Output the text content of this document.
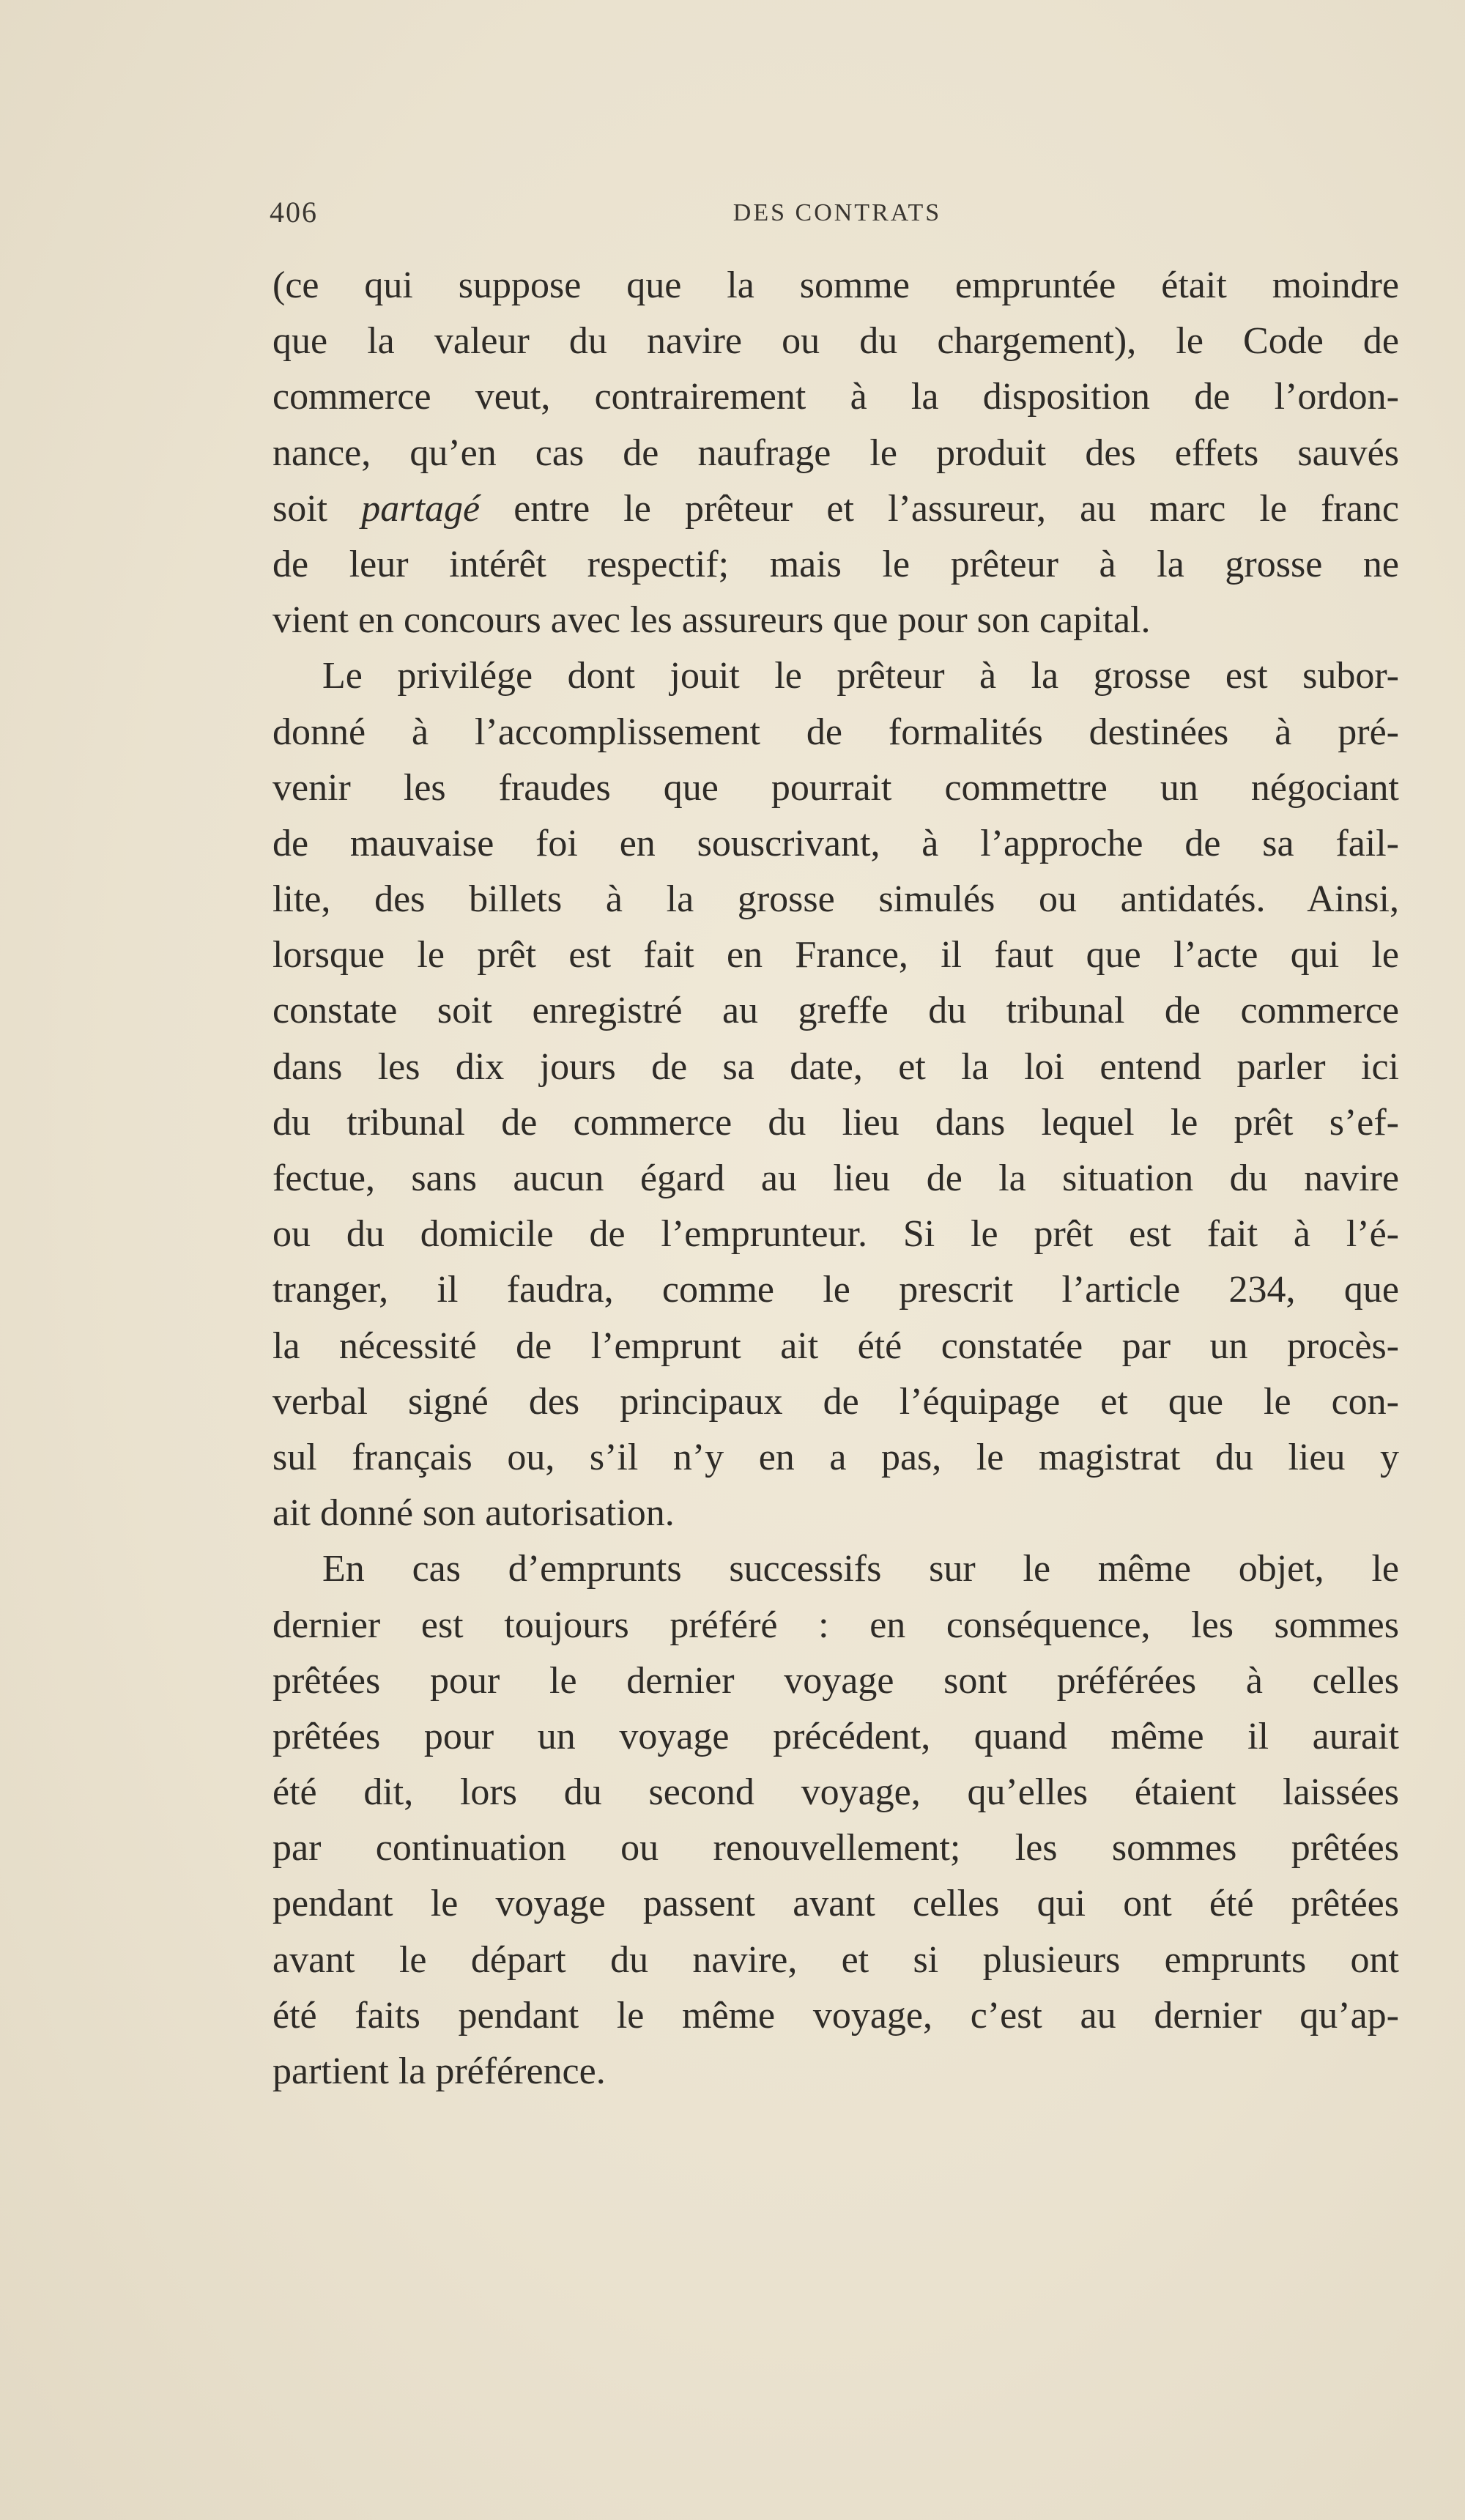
406	DES CONTRATS
(ce qui suppose que la somme empruntée était moindre
que la valeur du navire ou du chargement), le Code de
commerce veut, contrairement à la disposition de l’ordon-
nance, qu’en cas de naufrage le produit des effets sauvés
soit partagé entre le prêteur et l’assureur, au marc le franc
de leur intérêt respectif; mais le prêteur à la grosse ne
vient en concours avec les assureurs que pour son capital.
Le privilége dont jouit le prêteur à la grosse est subor-
donné à l’accomplissement de formalités destinées à pré-
venir les fraudes que pourrait commettre un négociant
de mauvaise foi en souscrivant, à l’approche de sa fail-
lite, des billets à la grosse simulés ou antidatés. Ainsi,
lorsque le prêt est fait en France, il faut que l’acte qui le
constate soit enregistré au greffe du tribunal de commerce
dans les dix jours de sa date, et la loi entend parler ici
du tribunal de commerce du lieu dans lequel le prêt s’ef-
fectue, sans aucun égard au lieu de la situation du navire
ou du domicile de l’emprunteur. Si le prêt est fait à l’é-
tranger, il faudra, comme le prescrit l’article 234, que
la nécessité de l’emprunt ait été constatée par un procès-
verbal signé des principaux de l’équipage et que le con-
sul français ou, s’il n’y en a pas, le magistrat du lieu y
ait donné son autorisation.
En cas d’emprunts successifs sur le même objet, le
dernier est toujours préféré : en conséquence, les sommes
prêtées pour le dernier voyage sont préférées à celles
prêtées pour un voyage précédent, quand même il aurait
été dit, lors du second voyage, qu’elles étaient laissées
par continuation ou renouvellement; les sommes prêtées
pendant le voyage passent avant celles qui ont été prêtées
avant le départ du navire, et si plusieurs emprunts ont
été faits pendant le même voyage, c’est au dernier qu’ap-
partient la préférence.
